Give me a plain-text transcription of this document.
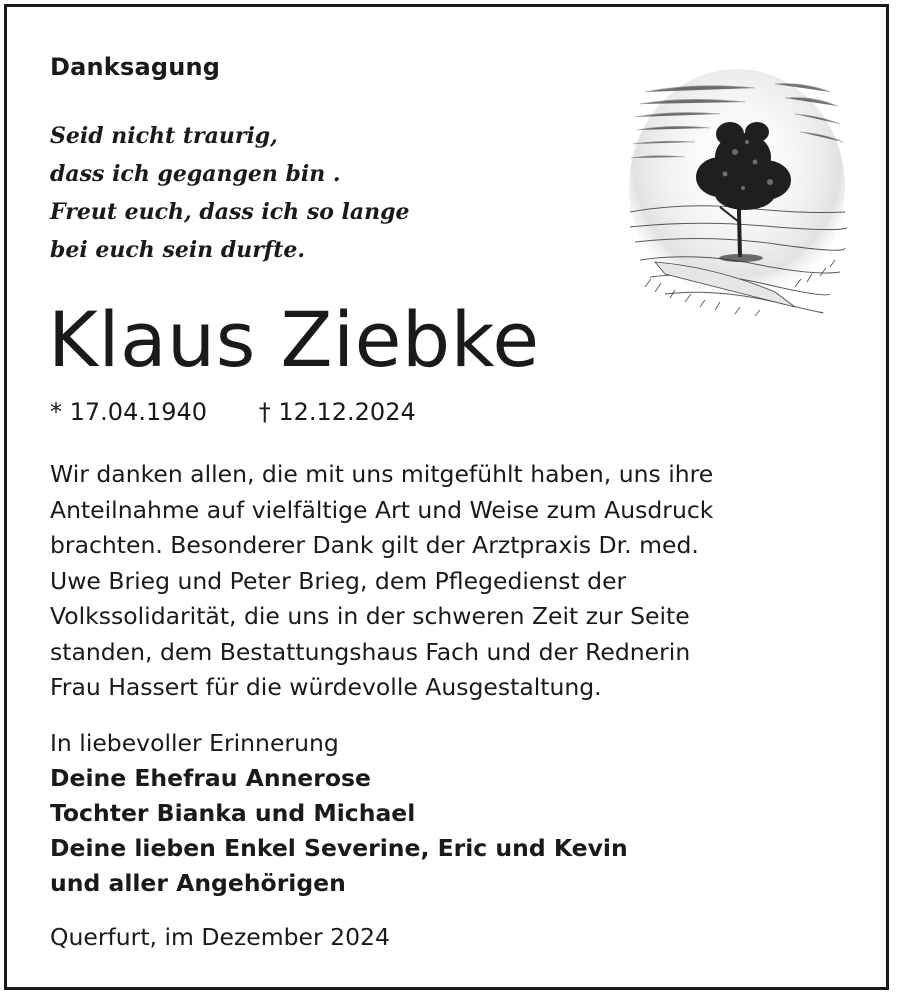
Danksagung
Seid nicht traurig,
dass ich gegangen bin .
Freut euch, dass ich so lange
bei euch sein durfte.
Klaus Ziebke
* 17.04.1940 † 12.12.2024
Wir danken allen, die mit uns mitgefühlt haben, uns ihre
Anteilnahme auf vielfältige Art und Weise zum Ausdruck
brachten. Besonderer Dank gilt der Arztpraxis Dr. med.
Uwe Brieg und Peter Brieg, dem Pflegedienst der
Volkssolidarität, die uns in der schweren Zeit zur Seite
standen, dem Bestattungshaus Fach und der Rednerin
Frau Hassert für die würdevolle Ausgestaltung.
In liebevoller Erinnerung
Deine Ehefrau Annerose
Tochter Bianka und Michael
Deine lieben Enkel Severine, Eric und Kevin
und aller Angehörigen
Querfurt, im Dezember 2024
